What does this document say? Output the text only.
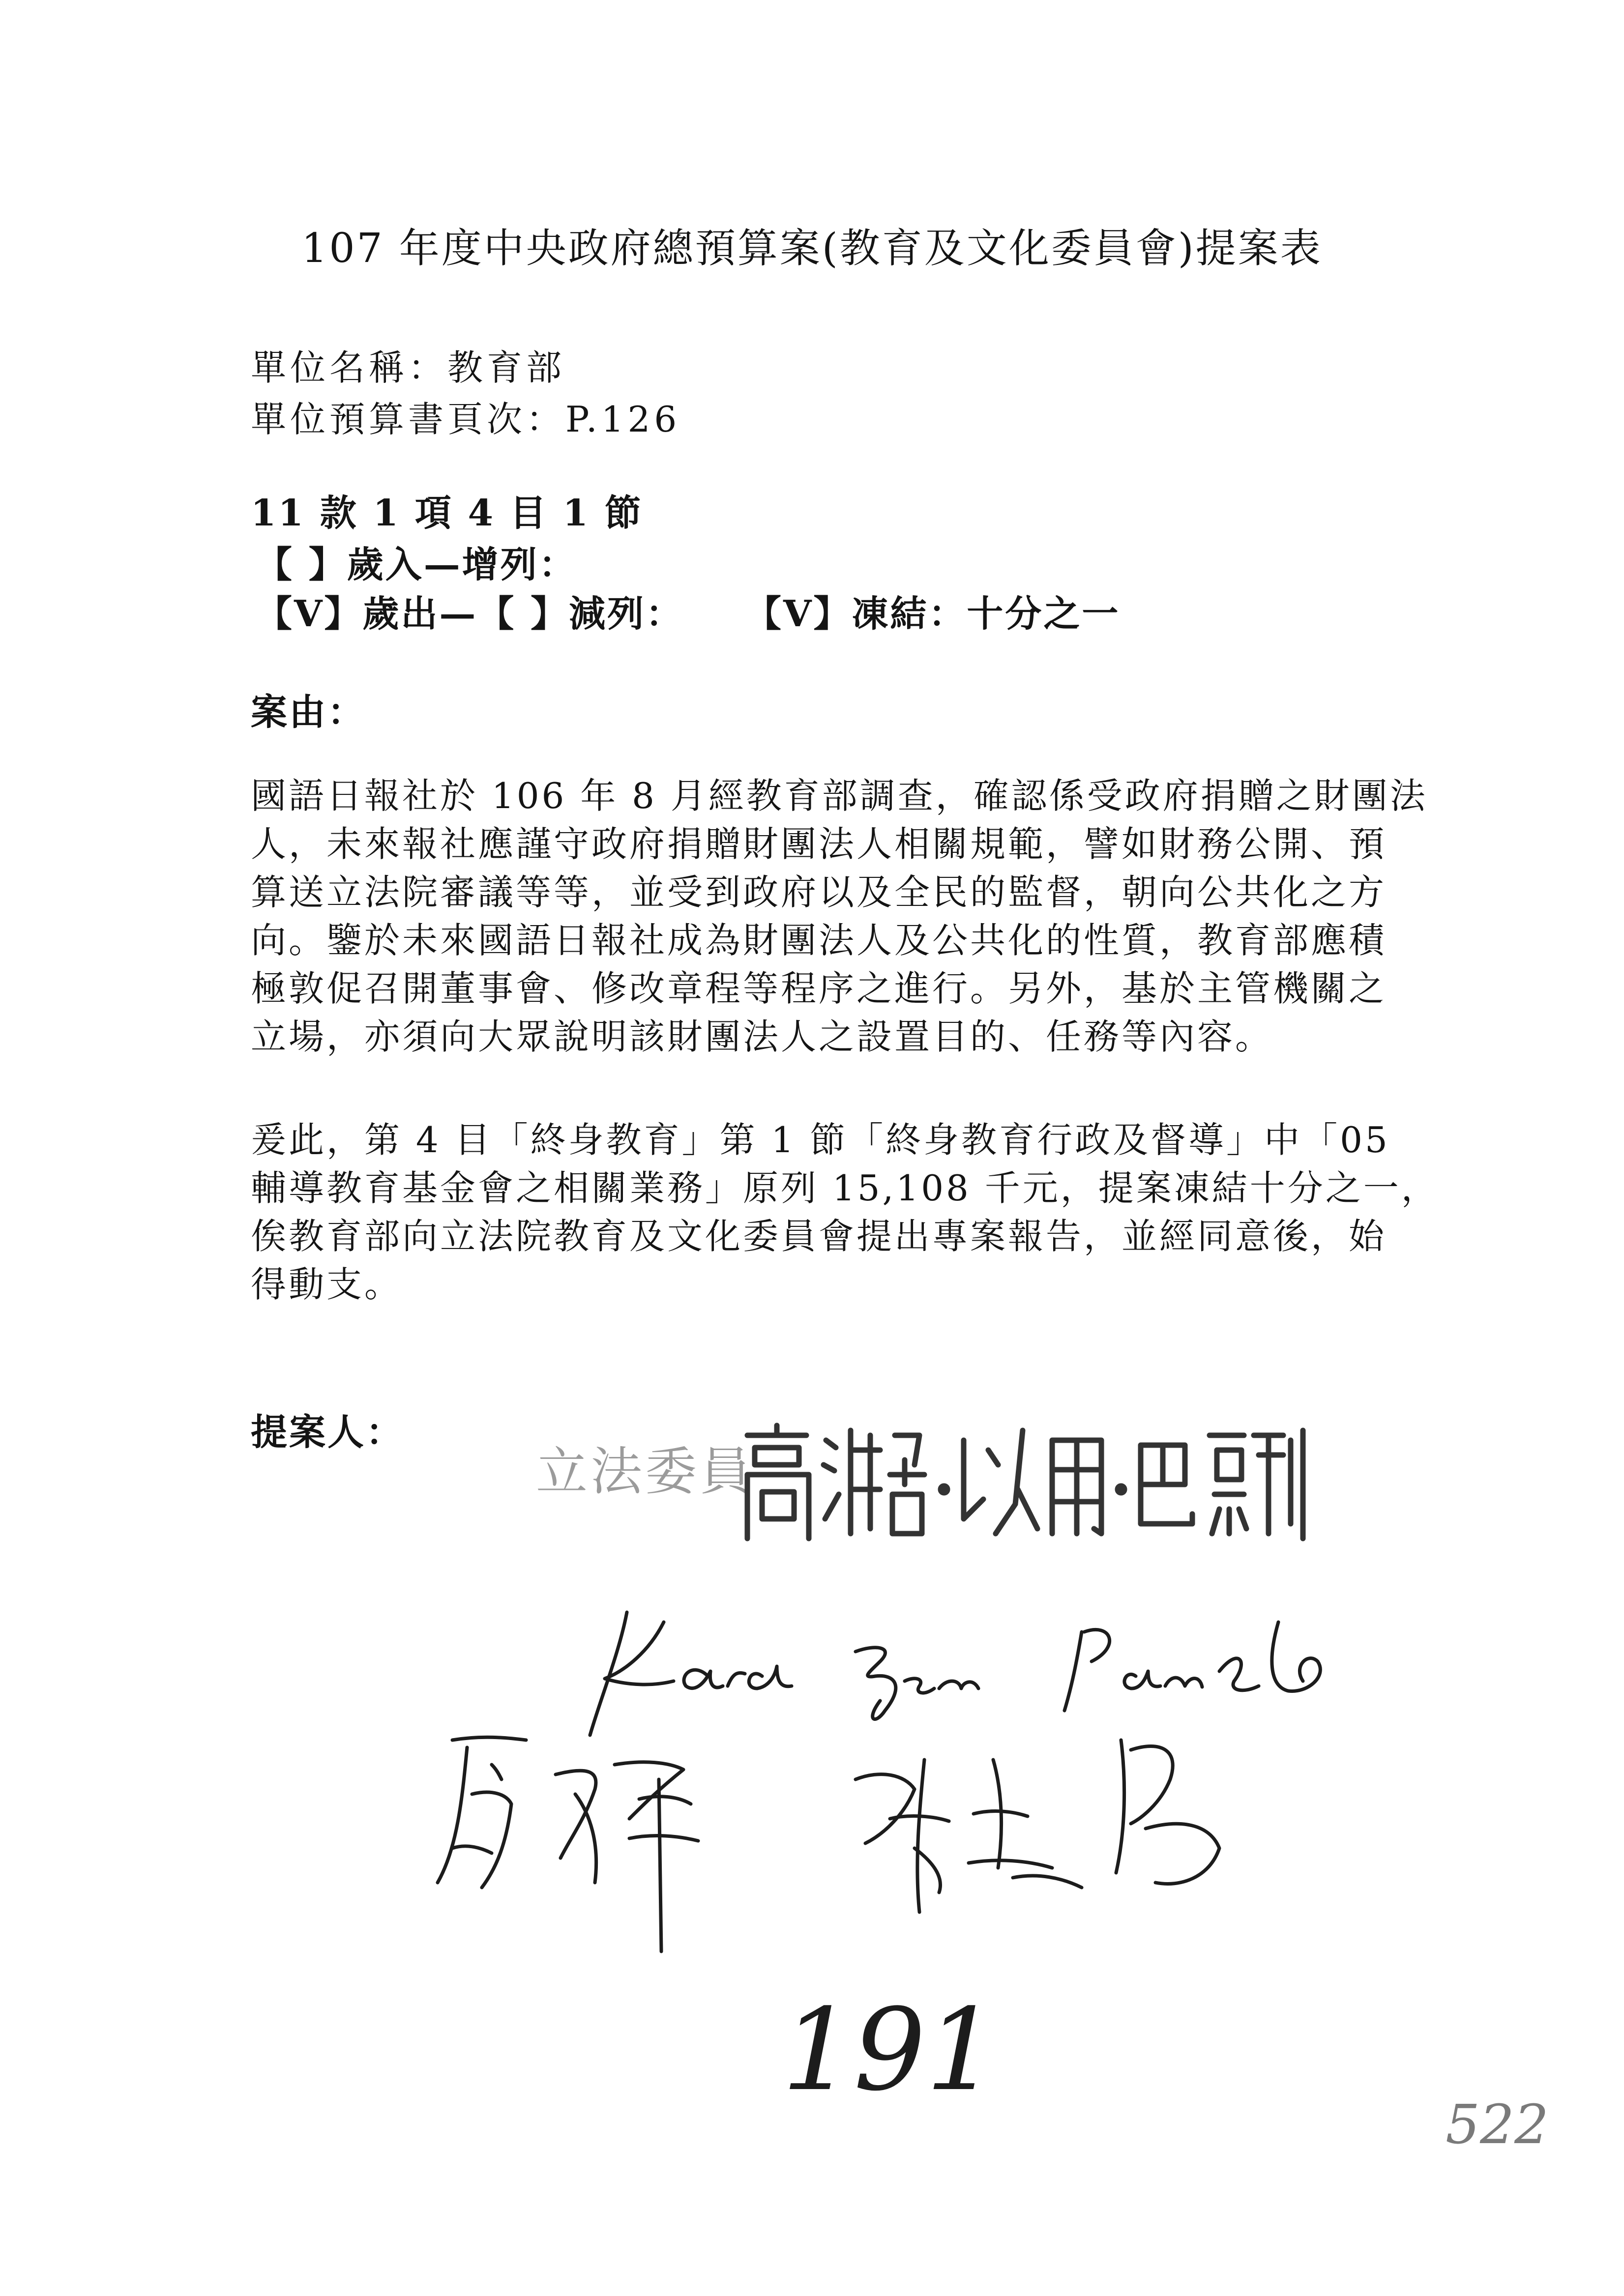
107 年度中央政府總預算案(教育及文化委員會)提案表
單位名稱：教育部
單位預算書頁次：P.126
11 款 1 項 4 目 1 節
【 】歲入—增列：
【V】歲出—【 】減列： 【V】凍結：十分之一
案由：
國語日報社於 106 年 8 月經教育部調查，確認係受政府捐贈之財團法
人，未來報社應謹守政府捐贈財團法人相關規範，譬如財務公開、預
算送立法院審議等等，並受到政府以及全民的監督，朝向公共化之方
向。鑒於未來國語日報社成為財團法人及公共化的性質，教育部應積
極敦促召開董事會、修改章程等程序之進行。另外，基於主管機關之
立場，亦須向大眾說明該財團法人之設置目的、任務等內容。
爰此，第 4 目「終身教育」第 1 節「終身教育行政及督導」中「05
輔導教育基金會之相關業務」原列 15,108 千元，提案凍結十分之一，
俟教育部向立法院教育及文化委員會提出專案報告，並經同意後，始
得動支。
提案人：
立法委員
191
522
